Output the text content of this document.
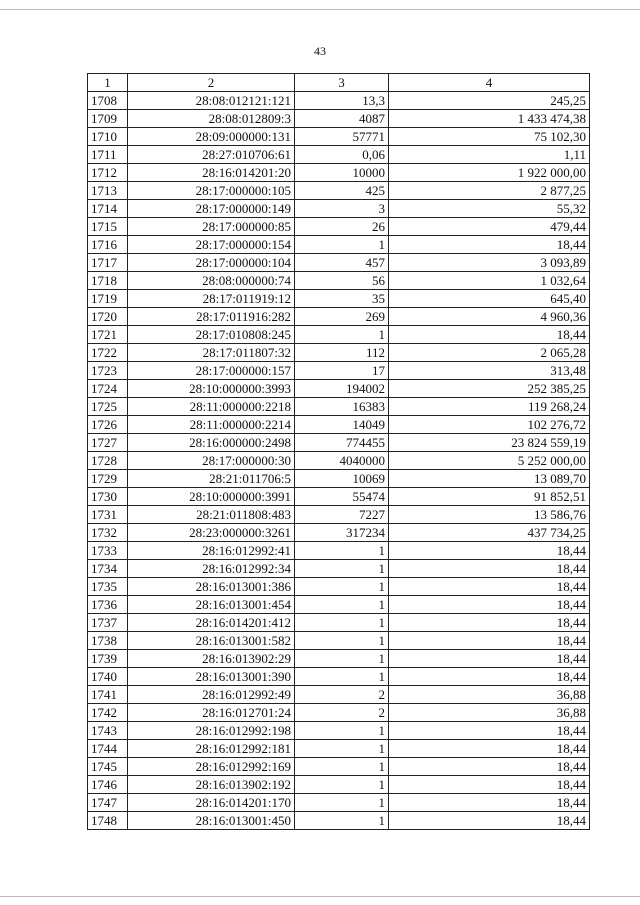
43
1	2	3	4
1708	28:08:012121:121	13,3	245,25
1709	28:08:012809:3	4087	1 433 474,38
1710	28:09:000000:131	57771	75 102,30
1711	28:27:010706:61	0,06	1,11
1712	28:16:014201:20	10000	1 922 000,00
1713	28:17:000000:105	425	2 877,25
1714	28:17:000000:149	3	55,32
1715	28:17:000000:85	26	479,44
1716	28:17:000000:154	1	18,44
1717	28:17:000000:104	457	3 093,89
1718	28:08:000000:74	56	1 032,64
1719	28:17:011919:12	35	645,40
1720	28:17:011916:282	269	4 960,36
1721	28:17:010808:245	1	18,44
1722	28:17:011807:32	112	2 065,28
1723	28:17:000000:157	17	313,48
1724	28:10:000000:3993	194002	252 385,25
1725	28:11:000000:2218	16383	119 268,24
1726	28:11:000000:2214	14049	102 276,72
1727	28:16:000000:2498	774455	23 824 559,19
1728	28:17:000000:30	4040000	5 252 000,00
1729	28:21:011706:5	10069	13 089,70
1730	28:10:000000:3991	55474	91 852,51
1731	28:21:011808:483	7227	13 586,76
1732	28:23:000000:3261	317234	437 734,25
1733	28:16:012992:41	1	18,44
1734	28:16:012992:34	1	18,44
1735	28:16:013001:386	1	18,44
1736	28:16:013001:454	1	18,44
1737	28:16:014201:412	1	18,44
1738	28:16:013001:582	1	18,44
1739	28:16:013902:29	1	18,44
1740	28:16:013001:390	1	18,44
1741	28:16:012992:49	2	36,88
1742	28:16:012701:24	2	36,88
1743	28:16:012992:198	1	18,44
1744	28:16:012992:181	1	18,44
1745	28:16:012992:169	1	18,44
1746	28:16:013902:192	1	18,44
1747	28:16:014201:170	1	18,44
1748	28:16:013001:450	1	18,44
